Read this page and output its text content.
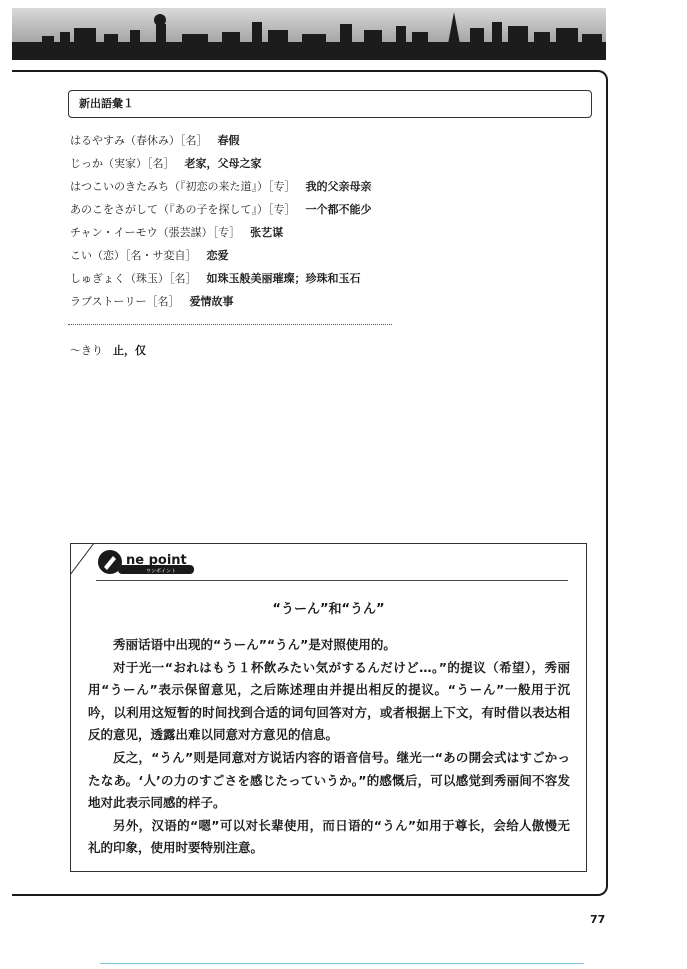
新出語彙１
はるやすみ（春休み）［名］ 春假
じっか（実家）［名］ 老家，父母之家
はつこいのきたみち（『初恋の来た道』）［专］ 我的父亲母亲
あのこをさがして（『あの子を探して』）［专］ 一个都不能少
チャン・イーモウ（張芸謀）［专］ 张艺谋
こい（恋）［名・サ変自］ 恋爱
しゅぎょく（珠玉）［名］ 如珠玉般美丽璀璨；珍珠和玉石
ラブストーリー［名］ 爱情故事
～きり 止，仅
ne point
ワンポイント
“うーん”和“うん”

秀丽话语中出现的“うーん”“うん”是对照使用的。

对于光一“おれはもう１杯飲みたい気がするんだけど…。”的提议（希望），秀丽用“うーん”表示保留意见，之后陈述理由并提出相反的提议。“うーん”一般用于沉吟，以利用这短暂的时间找到合适的词句回答对方，或者根据上下文，有时借以表达相反的意见，透露出难以同意对方意见的信息。

反之，“うん”则是同意对方说话内容的语音信号。继光一“あの開会式はすごかったなあ。‘人’の力のすごさを感じたっていうか。”的感慨后，可以感觉到秀丽间不容发地对此表示同感的样子。

另外，汉语的“嗯”可以对长辈使用，而日语的“うん”如用于尊长，会给人傲慢无礼的印象，使用时要特别注意。

77
